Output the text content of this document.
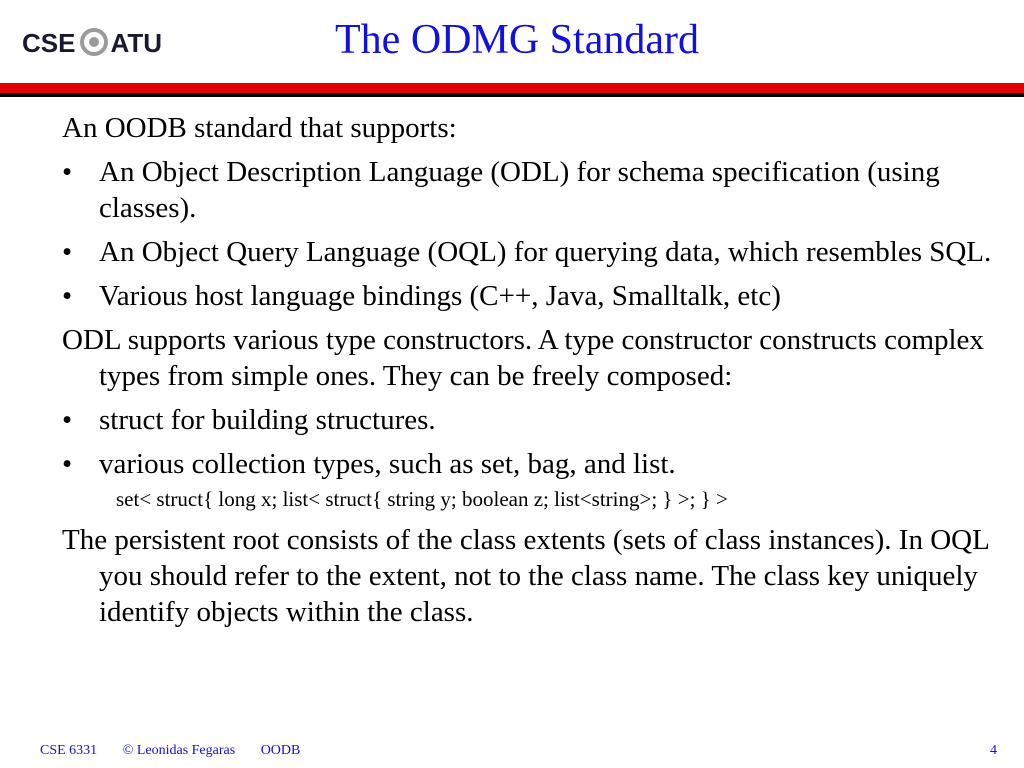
CSE UTA	The ODMG Standard

An OODB standard that supports:

• An Object Description Language (ODL) for schema specification (using classes).
• An Object Query Language (OQL) for querying data, which resembles SQL.
• Various host language bindings (C++, Java, Smalltalk, etc)

ODL supports various type constructors. A type constructor constructs complex types from simple ones. They can be freely composed:

• struct for building structures.
• various collection types, such as set, bag, and list.
set< struct{ long x; list< struct{ string y; boolean z; list<string>; } >; } >

The persistent root consists of the class extents (sets of class instances). In OQL you should refer to the extent, not to the class name. The class key uniquely identify objects within the class.

CSE 6331 © Leonidas Fegaras OODB	4
